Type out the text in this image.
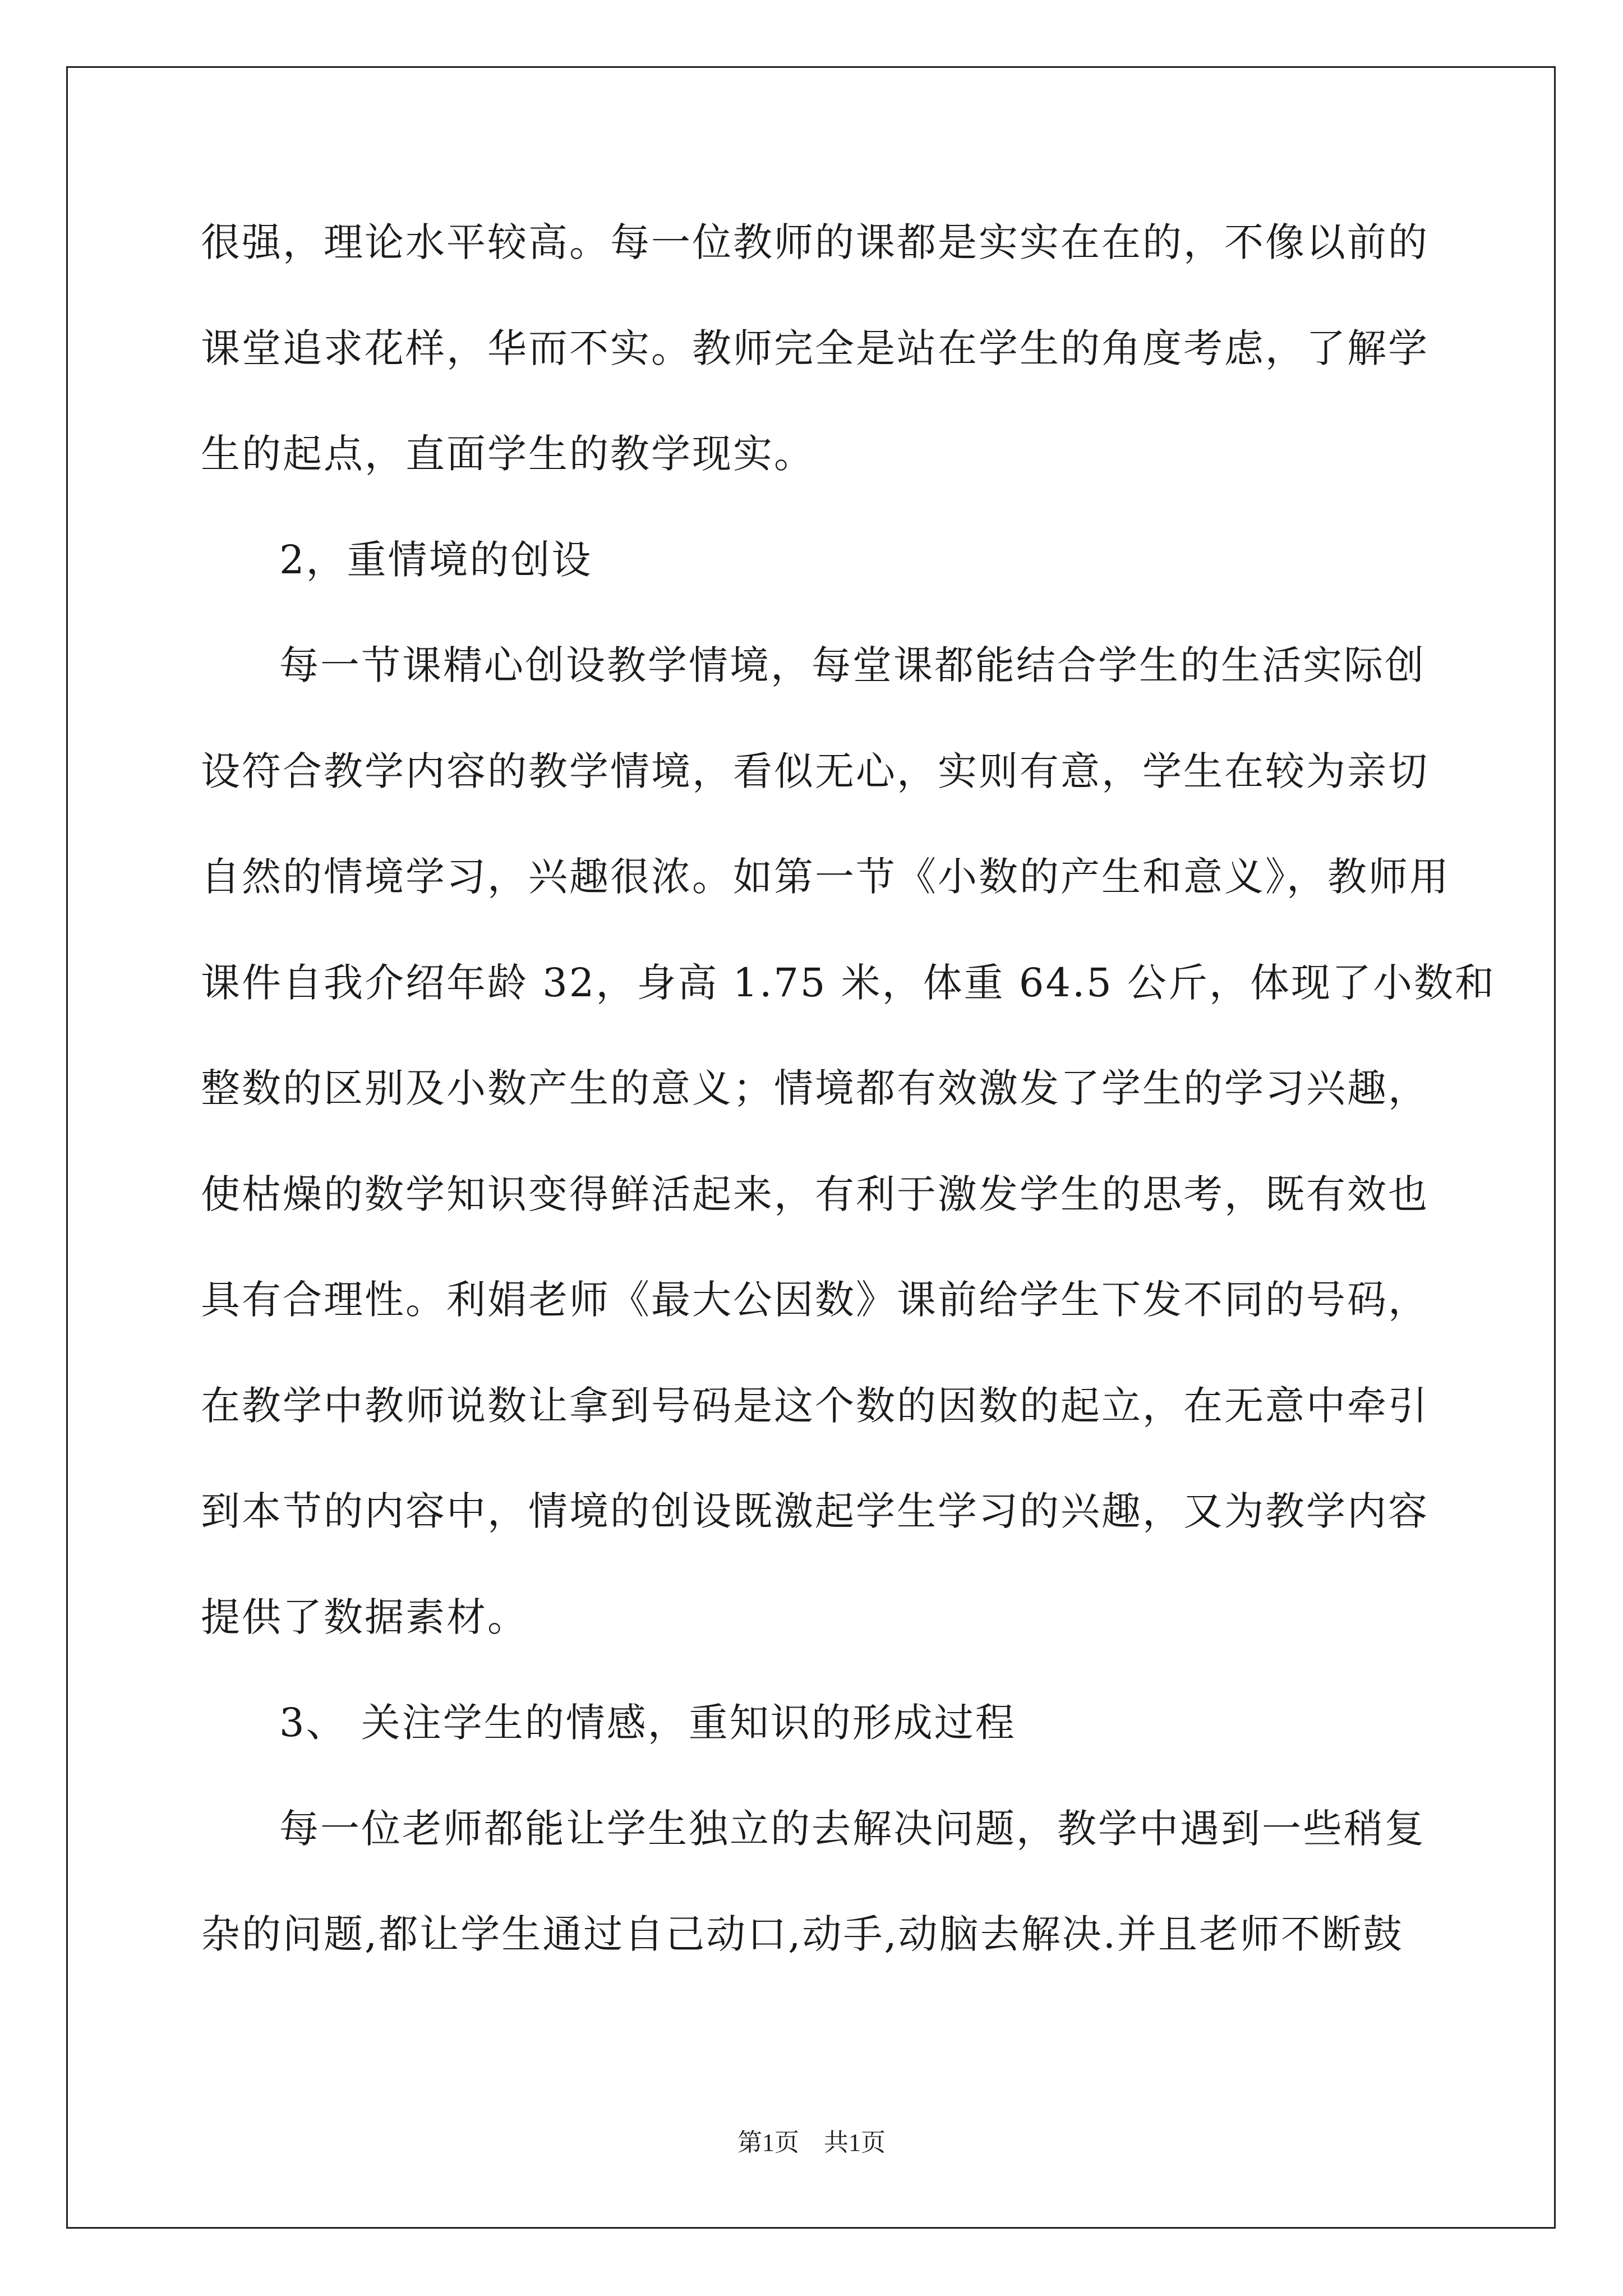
很强，理论水平较高。每一位教师的课都是实实在在的，不像以前的
课堂追求花样，华而不实。教师完全是站在学生的角度考虑，了解学
生的起点，直面学生的教学现实。
2，重情境的创设
每一节课精心创设教学情境，每堂课都能结合学生的生活实际创
设符合教学内容的教学情境，看似无心，实则有意，学生在较为亲切
自然的情境学习，兴趣很浓。如第一节《小数的产生和意义》，教师用
课件自我介绍年龄 32，身高 1.75 米，体重 64.5 公斤，体现了小数和
整数的区别及小数产生的意义；情境都有效激发了学生的学习兴趣，
使枯燥的数学知识变得鲜活起来，有利于激发学生的思考，既有效也
具有合理性。利娟老师《最大公因数》课前给学生下发不同的号码，
在教学中教师说数让拿到号码是这个数的因数的起立，在无意中牵引
到本节的内容中，情境的创设既激起学生学习的兴趣，又为教学内容
提供了数据素材。
3、 关注学生的情感，重知识的形成过程
每一位老师都能让学生独立的去解决问题，教学中遇到一些稍复
杂的问题,都让学生通过自己动口,动手,动脑去解决.并且老师不断鼓
第1页　共1页
